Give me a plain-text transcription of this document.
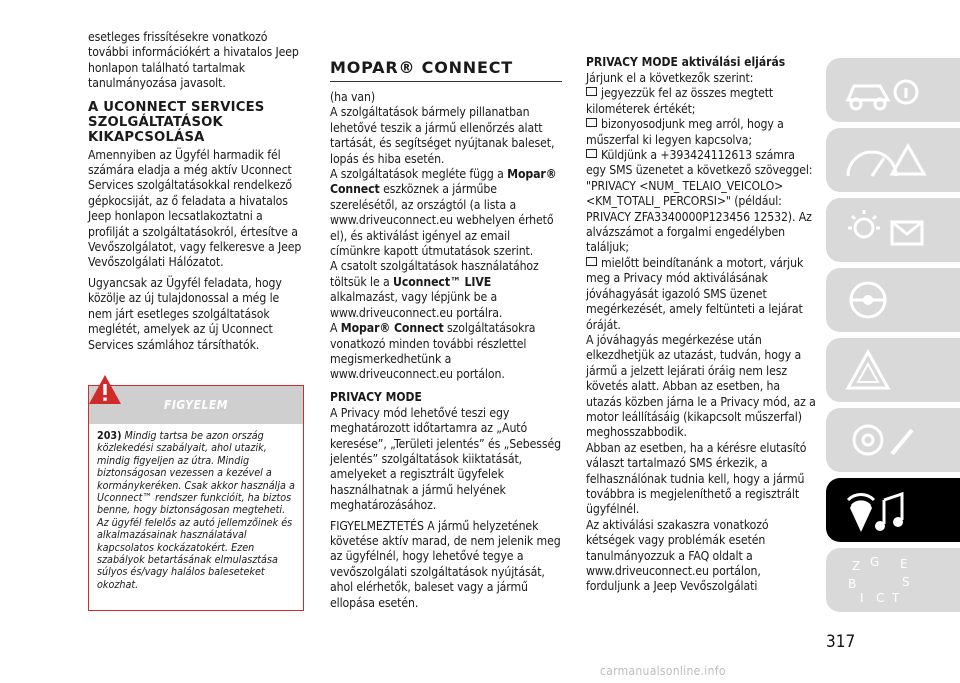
esetleges frissítésekre vonatkozó további információkért a hivatalos Jeep honlapon található tartalmak tanulmányozása javasolt.

A UCONNECT SERVICES SZOLGÁLTATÁSOK KIKAPCSOLÁSA

Amennyiben az Ügyfél harmadik fél számára eladja a még aktív Uconnect Services szolgáltatásokkal rendelkező gépkocsiját, az ő feladata a hivatalos Jeep honlapon lecsatlakoztatni a profilját a szolgáltatásokról, értesítve a Vevőszolgálatot, vagy felkeresve a Jeep Vevőszolgálati Hálózatot.

Ugyancsak az Ügyfél feladata, hogy közölje az új tulajdonossal a még le nem járt esetleges szolgáltatások meglétét, amelyek az új Uconnect Services számlához társíthatók.

FIGYELEM
203) Mindig tartsa be azon ország közlekedési szabályait, ahol utazik, mindig figyeljen az útra. Mindig biztonságosan vezessen a kezével a kormánykeréken. Csak akkor használja a Uconnect™ rendszer funkcióit, ha biztos benne, hogy biztonságosan megteheti. Az ügyfél felelős az autó jellemzőinek és alkalmazásainak használatával kapcsolatos kockázatokért. Ezen szabályok betartásának elmulasztása súlyos és/vagy halálos baleseteket okozhat.
MOPAR® CONNECT

(ha van)

A szolgáltatások bármely pillanatban lehetővé teszik a jármű ellenőrzés alatt tartását, és segítséget nyújtanak baleset, lopás és hiba esetén.

A szolgáltatások megléte függ a Mopar® Connect eszköznek a járműbe szerelésétől, az országtól (a lista a www.driveuconnect.eu webhelyen érhető el), és aktiválást igényel az email címünkre kapott útmutatások szerint.

A csatolt szolgáltatások használatához töltsük le a Uconnect™ LIVE alkalmazást, vagy lépjünk be a www.driveuconnect.eu portálra.

A Mopar® Connect szolgáltatásokra vonatkozó minden további részlettel megismerkedhetünk a www.driveuconnect.eu portálon.

PRIVACY MODE

A Privacy mód lehetővé teszi egy meghatározott időtartamra az „Autó keresése”, „Területi jelentés” és „Sebesség jelentés” szolgáltatások kiiktatását, amelyeket a regisztrált ügyfelek használhatnak a jármű helyének meghatározásához.

FIGYELMEZTETÉS A jármű helyzetének követése aktív marad, de nem jelenik meg az ügyfélnél, hogy lehetővé tegye a vevőszolgálati szolgáltatások nyújtását, ahol elérhetők, baleset vagy a jármű ellopása esetén.

PRIVACY MODE aktiválási eljárás

Járjunk el a következők szerint:

jegyezzük fel az összes megtett kilométerek értékét;

bizonyosodjunk meg arról, hogy a műszerfal ki legyen kapcsolva;

Küldjünk a +393424112613 számra egy SMS üzenetet a következő szöveggel: "PRIVACY <NUM_ TELAIO_VEICOLO> <KM_TOTALI_ PERCORSI>" (például: PRIVACY ZFA3340000P123456 12532). Az alvázszámot a forgalmi engedélyben találjuk;

mielőtt beindítanánk a motort, várjuk meg a Privacy mód aktiválásának jóváhagyását igazoló SMS üzenet megérkezését, amely feltünteti a lejárat óráját.

A jóváhagyás megérkezése után elkezdhetjük az utazást, tudván, hogy a jármű a jelzett lejárati óráig nem lesz követés alatt. Abban az esetben, ha utazás közben járna le a Privacy mód, az a motor leállításáig (kikapcsolt műszerfal) meghosszabbodik.

Abban az esetben, ha a kérésre elutasító választ tartalmazó SMS érkezik, a felhasználónak tudnia kell, hogy a jármű továbbra is megjeleníthető a regisztrált ügyfélnél.

Az aktiválási szakaszra vonatkozó kétségek vagy problémák esetén tanulmányozzuk a FAQ oldalt a www.driveuconnect.eu portálon, forduljunk a Jeep Vevőszolgálati

Z G E
B	S
I C T
317
carmanualsonline.info
